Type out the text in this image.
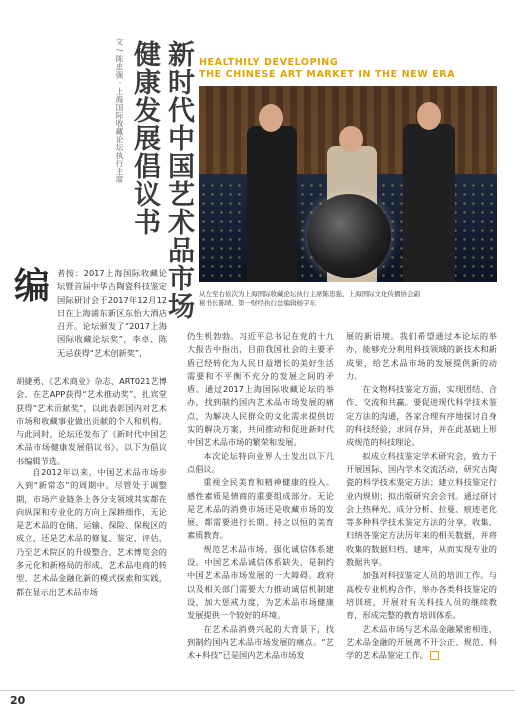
文 / 陈忠强 · 上海国际收藏论坛执行主席 健康发展倡议书 新时代中国艺术品市场 HEALTHILY DEVELOPING
THE CHINESE ART MARKET IN THE NEW ERA
从左至右依次为上海国际收藏论坛执行主席陈忠强、上海国际文化传播协会副秘书长陈晴、第一财经执行总编辑杨宇东
编 者按：2017上海国际收藏论坛暨首届中华古陶瓷科技鉴定国际研讨会于2017年12月12日在上海浦东新区东怡大酒店召开。论坛颁发了“2017上海国际收藏论坛奖”，李卓、陈无忌获得“艺术创新奖”，

胡捷勇、《艺术商业》杂志、ART021艺博会、在艺APP获得“艺术推动奖”，扎宾堂获得“艺术贡献奖”，以此表彰国内对艺术市场和收藏事业做出贡献的个人和机构。与此同时，论坛还发布了《新时代中国艺术品市场健康发展倡议书》。以下为倡议书编辑节选。

自2012年以来，中国艺术品市场步入到“新常态”的周期中。尽管处于调整期，市场产业链条上各分支领域其实都在向纵深和专业化的方向上深耕细作，无论是艺术品的仓储、运输、保险、保税区的成立，还是艺术品的修复、鉴定、评估，乃至艺术院区的升级整合、艺术博览会的多元化和新格局的形成、艺术品电商的转型、艺术品金融化新的模式探索和实践，都在显示出艺术品市场

仍生机勃勃。习近平总书记在党的十九大报告中指出，目前我国社会的主要矛盾已经转化为人民日益增长的美好生活需要和不平衡不充分的发展之间的矛盾。通过2017上海国际收藏论坛的举办，找到制约国内艺术品市场发展的痛点，为解决人民群众的文化需求提供切实的解决方案，共同推动和促进新时代中国艺术品市场的繁荣和发展。

本次论坛特向业界人士发出以下几点倡议。

重视全民美育和精神健康的投入。感性素质是情商的重要组成部分。无论是艺术品的消费市场还是收藏市场的发展，都需要进行长期、持之以恒的美育素质教育。

规范艺术品市场，强化诚信体系建设。中国艺术品诚信体系缺失，是制约中国艺术品市场发展的一大障碍。政府以及相关部门需要大力推动诚信机制建设，加大惩戒力度，为艺术品市场健康发展提供一个较好的环境。

在艺术品消费兴起的大背景下，找到制约国内艺术品市场发展的痛点。“艺术+科技”已是国内艺术品市场发

展的新语境。我们希望通过本论坛的举办，能够充分利用科技领域的新技术和新成果，给艺术品市场的发展提供新的动力。

在文物科技鉴定方面，实现团结、合作、交流和共赢。要促进现代科学技术鉴定方法的沟通，各家合理有序地探讨自身的科技经验，求同存异，并在此基础上形成规范的科技理论。

拟成立科技鉴定学术研究会，致力于开展国际、国内学术交流活动，研究古陶瓷的科学技术鉴定方法；建立科技鉴定行业内规则；拟出版研究会会刊。通过研讨会上热释光、成分分析、拉曼、痕迹老化等多种科学技术鉴定方法的分享，收集、归纳各鉴定方法历年来的相关数据，并将收集的数据归档、建库，从而实现专业的数据共享。

加强对科技鉴定人员的培训工作。与高校专业机构合作，举办各类科技鉴定的培训班，开展对有关科技人员的继续教育，形成完整的教育培训体系。

艺术品市场与艺术品金融紧密相连，艺术品金融的开展离不开公正、规范、科学的艺术品鉴定工作。

20
